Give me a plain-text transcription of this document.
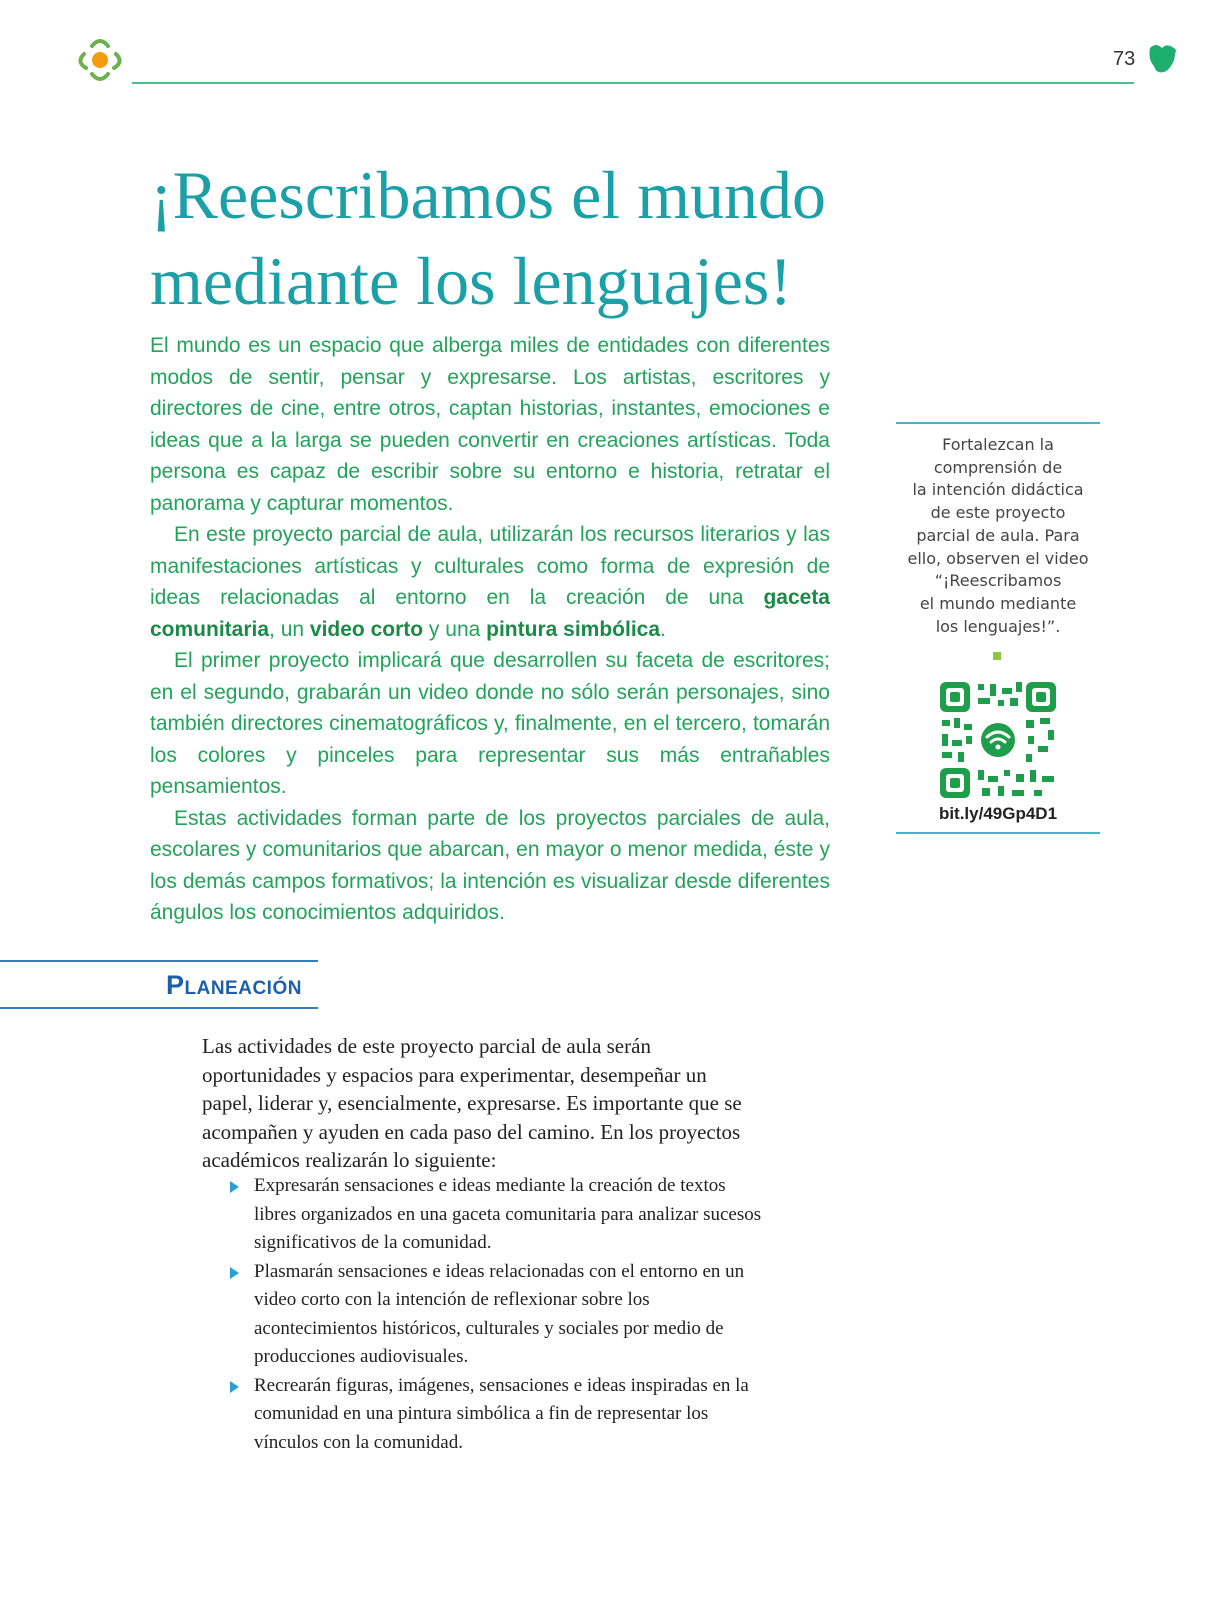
73
¡Reescribamos el mundo
mediante los lenguajes!

El mundo es un espacio que alberga miles de entidades con diferentes modos de sentir, pensar y expresarse. Los artistas, escritores y directores de cine, entre otros, captan historias, instantes, emociones e ideas que a la larga se pueden convertir en creaciones artísticas. Toda persona es capaz de escribir sobre su entorno e historia, retratar el panorama y capturar momentos.

En este proyecto parcial de aula, utilizarán los recursos literarios y las manifestaciones artísticas y culturales como forma de expresión de ideas relacionadas al entorno en la creación de una gaceta comunitaria, un video corto y una pintura simbólica.

El primer proyecto implicará que desarrollen su faceta de escritores; en el segundo, grabarán un video donde no sólo serán personajes, sino también directores cinematográficos y, finalmente, en el tercero, tomarán los colores y pinceles para representar sus más entrañables pensamientos.

Estas actividades forman parte de los proyectos parciales de aula, escolares y comunitarios que abarcan, en mayor o menor medida, éste y los demás campos formativos; la intención es visualizar desde diferentes ángulos los conocimientos adquiridos.

Fortalezcan la
comprensión de
la intención didáctica
de este proyecto
parcial de aula. Para
ello, observen el video
“¡Reescribamos
el mundo mediante
los lenguajes!”.
bit.ly/49Gp4D1
Planeación

Las actividades de este proyecto parcial de aula serán oportunidades y espacios para experimentar, desempeñar un papel, liderar y, esencialmente, expresarse. Es importante que se acompañen y ayuden en cada paso del camino. En los proyectos académicos realizarán lo siguiente:

Expresarán sensaciones e ideas mediante la creación de textos libres organizados en una gaceta comunitaria para analizar sucesos significativos de la comunidad.
Plasmarán sensaciones e ideas relacionadas con el entorno en un video corto con la intención de reflexionar sobre los acontecimientos históricos, culturales y sociales por medio de producciones audiovisuales.
Recrearán figuras, imágenes, sensaciones e ideas inspiradas en la comunidad en una pintura simbólica a fin de representar los vínculos con la comunidad.
